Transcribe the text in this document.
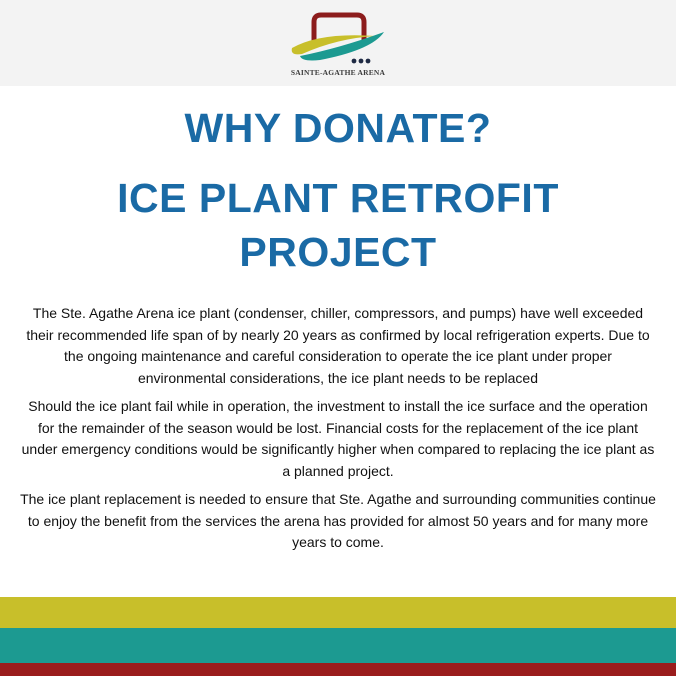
SAINTE-AGATHE ARENA
WHY DONATE?
ICE PLANT RETROFIT
PROJECT

The Ste. Agathe Arena ice plant (condenser, chiller, compressors, and pumps) have well exceeded their recommended life span of by nearly 20 years as confirmed by local refrigeration experts. Due to the ongoing maintenance and careful consideration to operate the ice plant under proper environmental considerations, the ice plant needs to be replaced

Should the ice plant fail while in operation, the investment to install the ice surface and the operation for the remainder of the season would be lost. Financial costs for the replacement of the ice plant under emergency conditions would be significantly higher when compared to replacing the ice plant as a planned project.

The ice plant replacement is needed to ensure that Ste. Agathe and surrounding communities continue to enjoy the benefit from the services the arena has provided for almost 50 years and for many more years to come.
